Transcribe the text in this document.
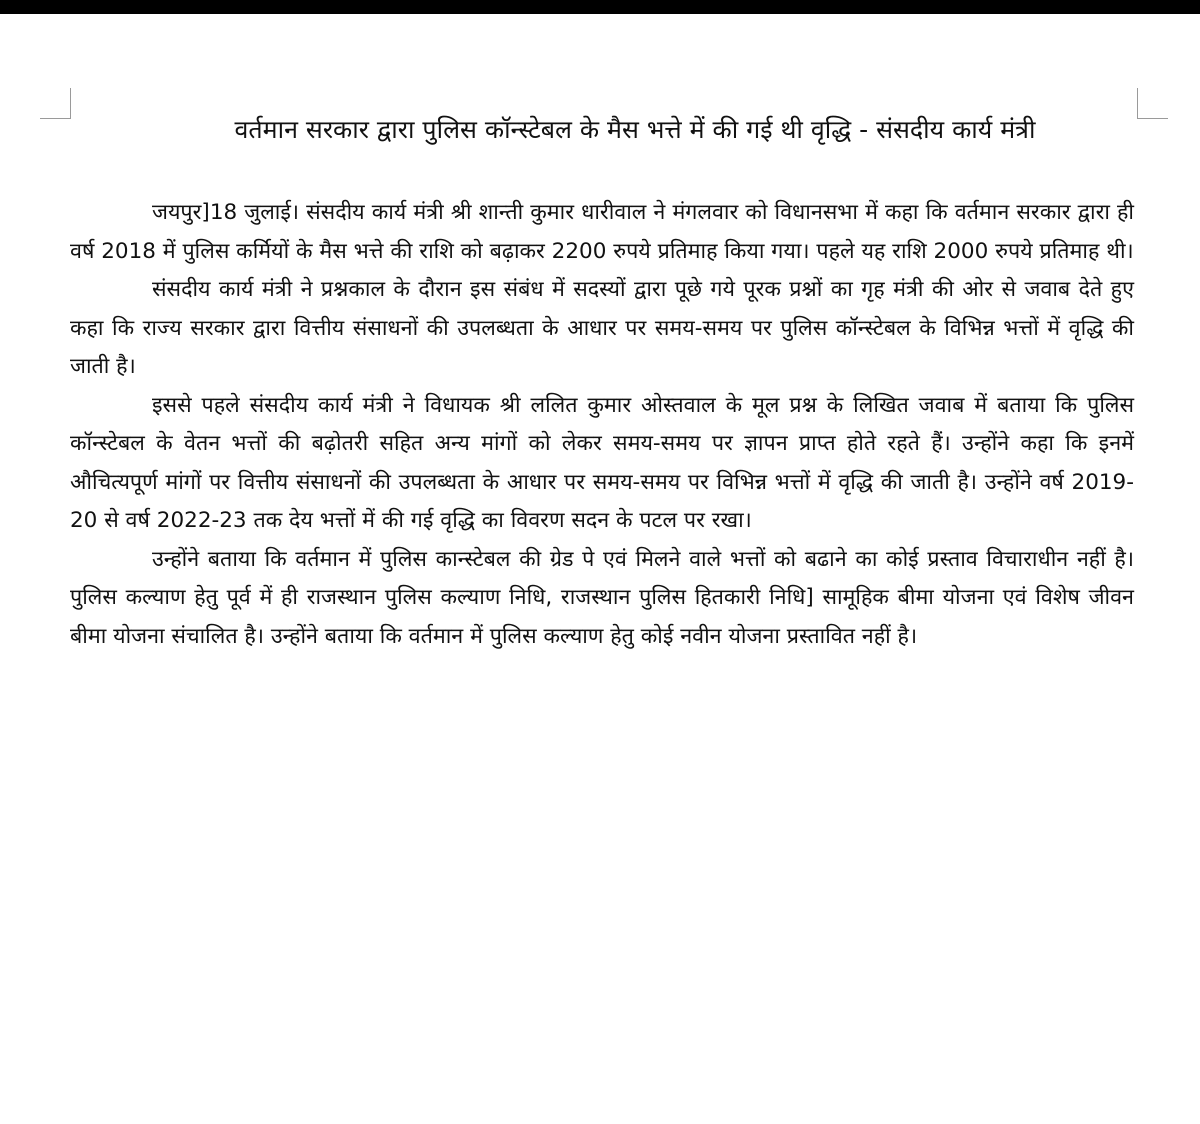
वर्तमान सरकार द्वारा पुलिस कॉन्स्टेबल के मैस भत्ते में की गई थी वृद्धि - संसदीय कार्य मंत्री

जयपुर]18 जुलाई। संसदीय कार्य मंत्री श्री शान्ती कुमार धारीवाल ने मंगलवार को विधानसभा में कहा कि वर्तमान सरकार द्वारा ही वर्ष 2018 में पुलिस कर्मियों के मैस भत्ते की राशि को बढ़ाकर 2200 रुपये प्रतिमाह किया गया। पहले यह राशि 2000 रुपये प्रतिमाह थी।

संसदीय कार्य मंत्री ने प्रश्नकाल के दौरान इस संबंध में सदस्यों द्वारा पूछे गये पूरक प्रश्नों का गृह मंत्री की ओर से जवाब देते हुए कहा कि राज्य सरकार द्वारा वित्तीय संसाधनों की उपलब्धता के आधार पर समय-समय पर पुलिस कॉन्स्टेबल के विभिन्न भत्तों में वृद्धि की जाती है।

इससे पहले संसदीय कार्य मंत्री ने विधायक श्री ललित कुमार ओस्तवाल के मूल प्रश्न के लिखित जवाब में बताया कि पुलिस कॉन्स्टेबल के वेतन भत्तों की बढ़ोतरी सहित अन्य मांगों को लेकर समय-समय पर ज्ञापन प्राप्त होते रहते हैं। उन्होंने कहा कि इनमें औचित्यपूर्ण मांगों पर वित्तीय संसाधनों की उपलब्धता के आधार पर समय-समय पर विभिन्न भत्तों में वृद्धि की जाती है। उन्होंने वर्ष 2019-20 से वर्ष 2022-23 तक देय भत्तों में की गई वृद्धि का विवरण सदन के पटल पर रखा।

उन्होंने बताया कि वर्तमान में पुलिस कान्स्टेबल की ग्रेड पे एवं मिलने वाले भत्तों को बढाने का कोई प्रस्ताव विचाराधीन नहीं है। पुलिस कल्याण हेतु पूर्व में ही राजस्थान पुलिस कल्याण निधि, राजस्थान पुलिस हितकारी निधि] सामूहिक बीमा योजना एवं विशेष जीवन बीमा योजना संचालित है। उन्होंने बताया कि वर्तमान में पुलिस कल्याण हेतु कोई नवीन योजना प्रस्तावित नहीं है।
